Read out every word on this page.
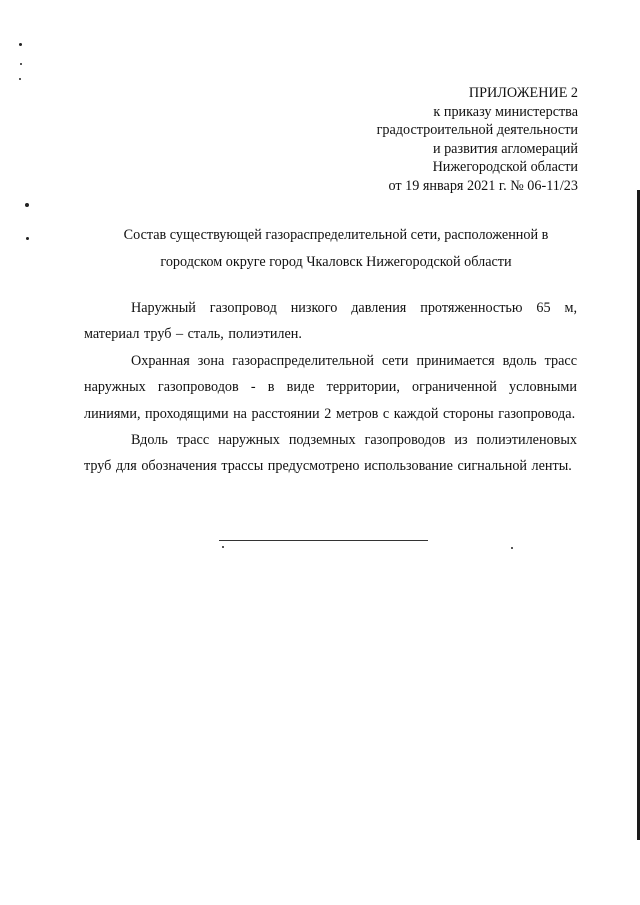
ПРИЛОЖЕНИЕ 2
к приказу министерства
градостроительной деятельности
и развития агломераций
Нижегородской области
от 19 января 2021 г. № 06-11/23
Состав существующей газораспределительной сети, расположенной в
городском округе город Чкаловск Нижегородской области

Наружный газопровод низкого давления протяженностью 65 м, материал труб – сталь, полиэтилен.

Охранная зона газораспределительной сети принимается вдоль трасс наружных газопроводов - в виде территории, ограниченной условными линиями, проходящими на расстоянии 2 метров с каждой стороны газопровода.

Вдоль трасс наружных подземных газопроводов из полиэтиленовых труб для обозначения трассы предусмотрено использование сигнальной ленты.
